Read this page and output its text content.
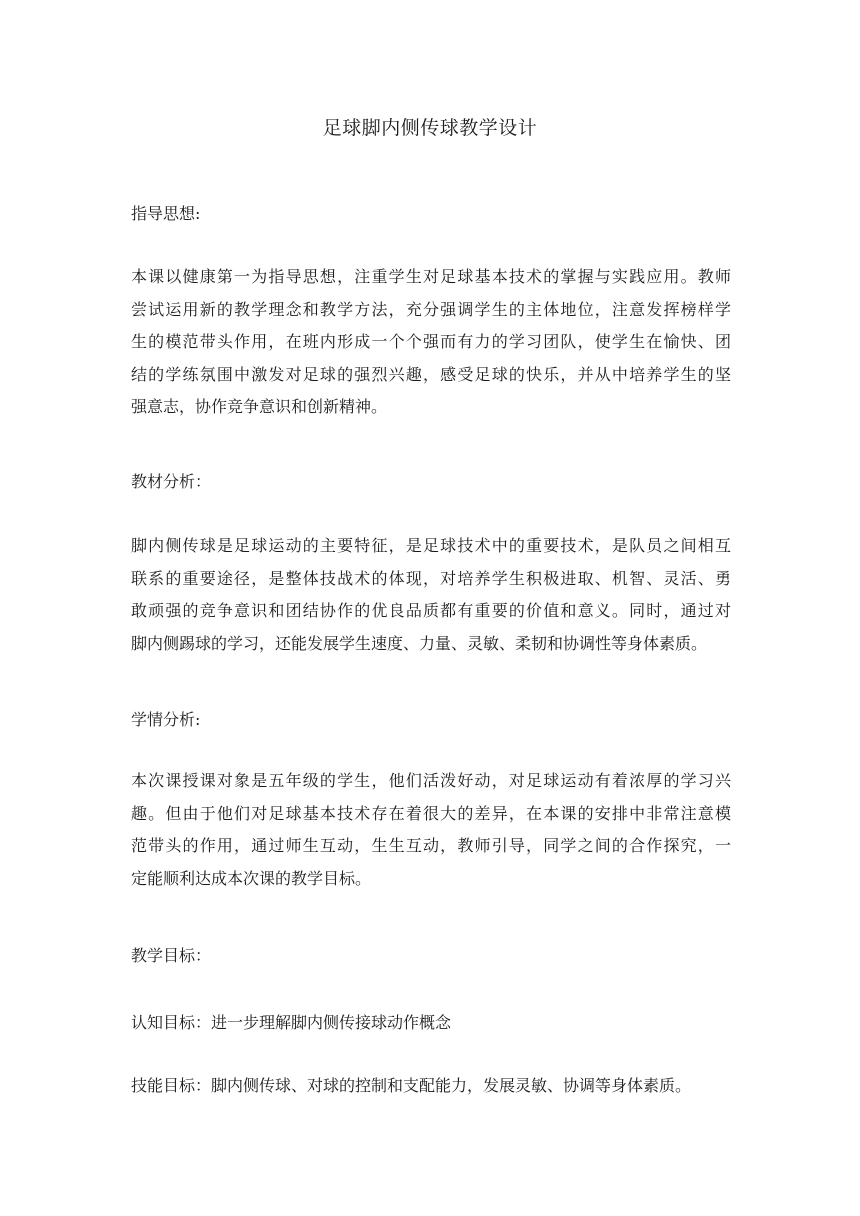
足球脚内侧传球教学设计
指导思想:
本课以健康第一为指导思想，注重学生对足球基本技术的掌握与实践应用。教师
尝试运用新的教学理念和教学方法，充分强调学生的主体地位，注意发挥榜样学
生的模范带头作用，在班内形成一个个强而有力的学习团队，使学生在愉快、团
结的学练氛围中激发对足球的强烈兴趣，感受足球的快乐，并从中培养学生的坚
强意志，协作竞争意识和创新精神。
教材分析：
脚内侧传球是足球运动的主要特征，是足球技术中的重要技术，是队员之间相互
联系的重要途径，是整体技战术的体现，对培养学生积极进取、机智、灵活、勇
敢顽强的竞争意识和团结协作的优良品质都有重要的价值和意义。同时，通过对
脚内侧踢球的学习，还能发展学生速度、力量、灵敏、柔韧和协调性等身体素质。
学情分析:
本次课授课对象是五年级的学生，他们活泼好动，对足球运动有着浓厚的学习兴
趣。但由于他们对足球基本技术存在着很大的差异，在本课的安排中非常注意模
范带头的作用，通过师生互动，生生互动，教师引导，同学之间的合作探究，一
定能顺利达成本次课的教学目标。
教学目标：
认知目标：进一步理解脚内侧传接球动作概念
技能目标：脚内侧传球、对球的控制和支配能力，发展灵敏、协调等身体素质。
